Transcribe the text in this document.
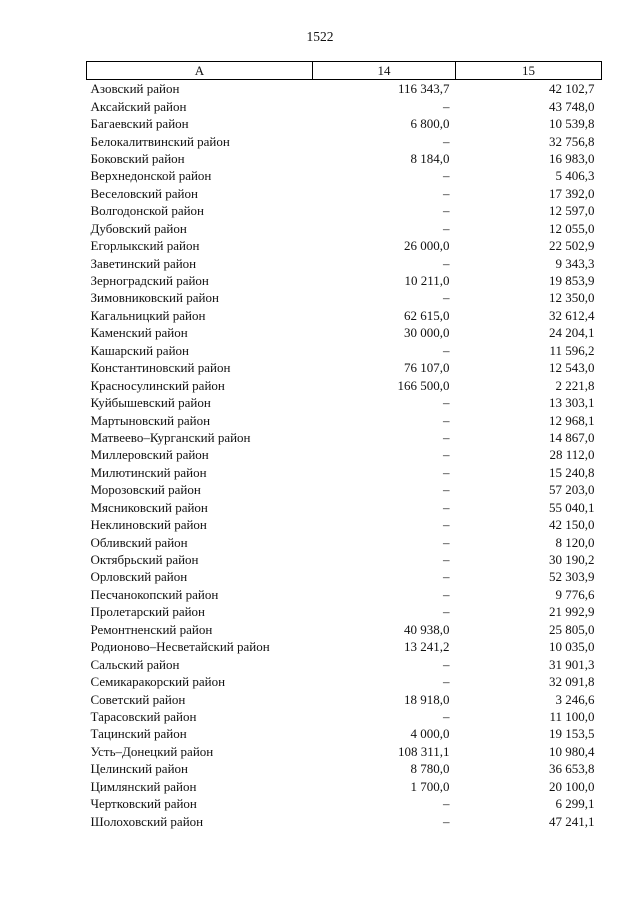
1522
А	14	15
Азовский район	116 343,7	42 102,7
Аксайский район	–	43 748,0
Багаевский район	6 800,0	10 539,8
Белокалитвинский район	–	32 756,8
Боковский район	8 184,0	16 983,0
Верхнедонской район	–	5 406,3
Веселовский район	–	17 392,0
Волгодонской район	–	12 597,0
Дубовский район	–	12 055,0
Егорлыкский район	26 000,0	22 502,9
Заветинский район	–	9 343,3
Зерноградский район	10 211,0	19 853,9
Зимовниковский район	–	12 350,0
Кагальницкий район	62 615,0	32 612,4
Каменский район	30 000,0	24 204,1
Кашарский район	–	11 596,2
Константиновский район	76 107,0	12 543,0
Красносулинский район	166 500,0	2 221,8
Куйбышевский район	–	13 303,1
Мартыновский район	–	12 968,1
Матвеево–Курганский район	–	14 867,0
Миллеровский район	–	28 112,0
Милютинский район	–	15 240,8
Морозовский район	–	57 203,0
Мясниковский район	–	55 040,1
Неклиновский район	–	42 150,0
Обливский район	–	8 120,0
Октябрьский район	–	30 190,2
Орловский район	–	52 303,9
Песчанокопский район	–	9 776,6
Пролетарский район	–	21 992,9
Ремонтненский район	40 938,0	25 805,0
Родионово–Несветайский район	13 241,2	10 035,0
Сальский район	–	31 901,3
Семикаракорский район	–	32 091,8
Советский район	18 918,0	3 246,6
Тарасовский район	–	11 100,0
Тацинский район	4 000,0	19 153,5
Усть–Донецкий район	108 311,1	10 980,4
Целинский район	8 780,0	36 653,8
Цимлянский район	1 700,0	20 100,0
Чертковский район	–	6 299,1
Шолоховский район	–	47 241,1
